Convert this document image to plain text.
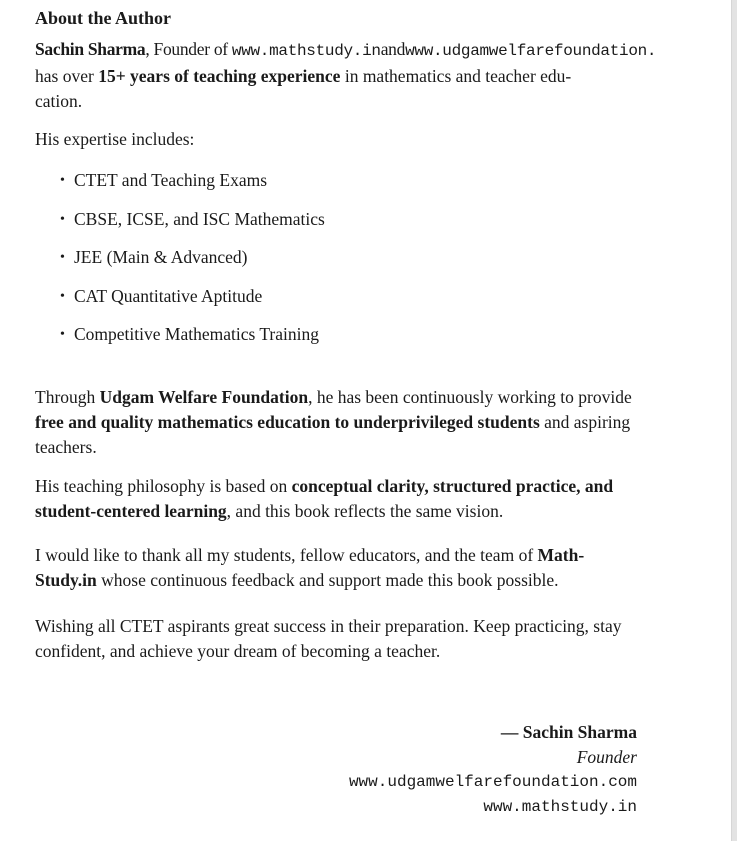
About the Author
Sachin Sharma, Founder of www.mathstudy.inandwww.udgamwelfarefoundation.
has over 15+ years of teaching experience in mathematics and teacher edu-
cation.
His expertise includes:
• CTET and Teaching Exams
• CBSE, ICSE, and ISC Mathematics
• JEE (Main & Advanced)
• CAT Quantitative Aptitude
• Competitive Mathematics Training
Through Udgam Welfare Foundation, he has been continuously working to provide free and quality mathematics education to underprivileged students and aspiring teachers.
His teaching philosophy is based on conceptual clarity, structured practice, and student-centered learning, and this book reflects the same vision.
I would like to thank all my students, fellow educators, and the team of Math-Study.in whose continuous feedback and support made this book possible.
Wishing all CTET aspirants great success in their preparation. Keep practicing, stay confident, and achieve your dream of becoming a teacher.
— Sachin Sharma
Founder
www.udgamwelfarefoundation.com
www.mathstudy.in
